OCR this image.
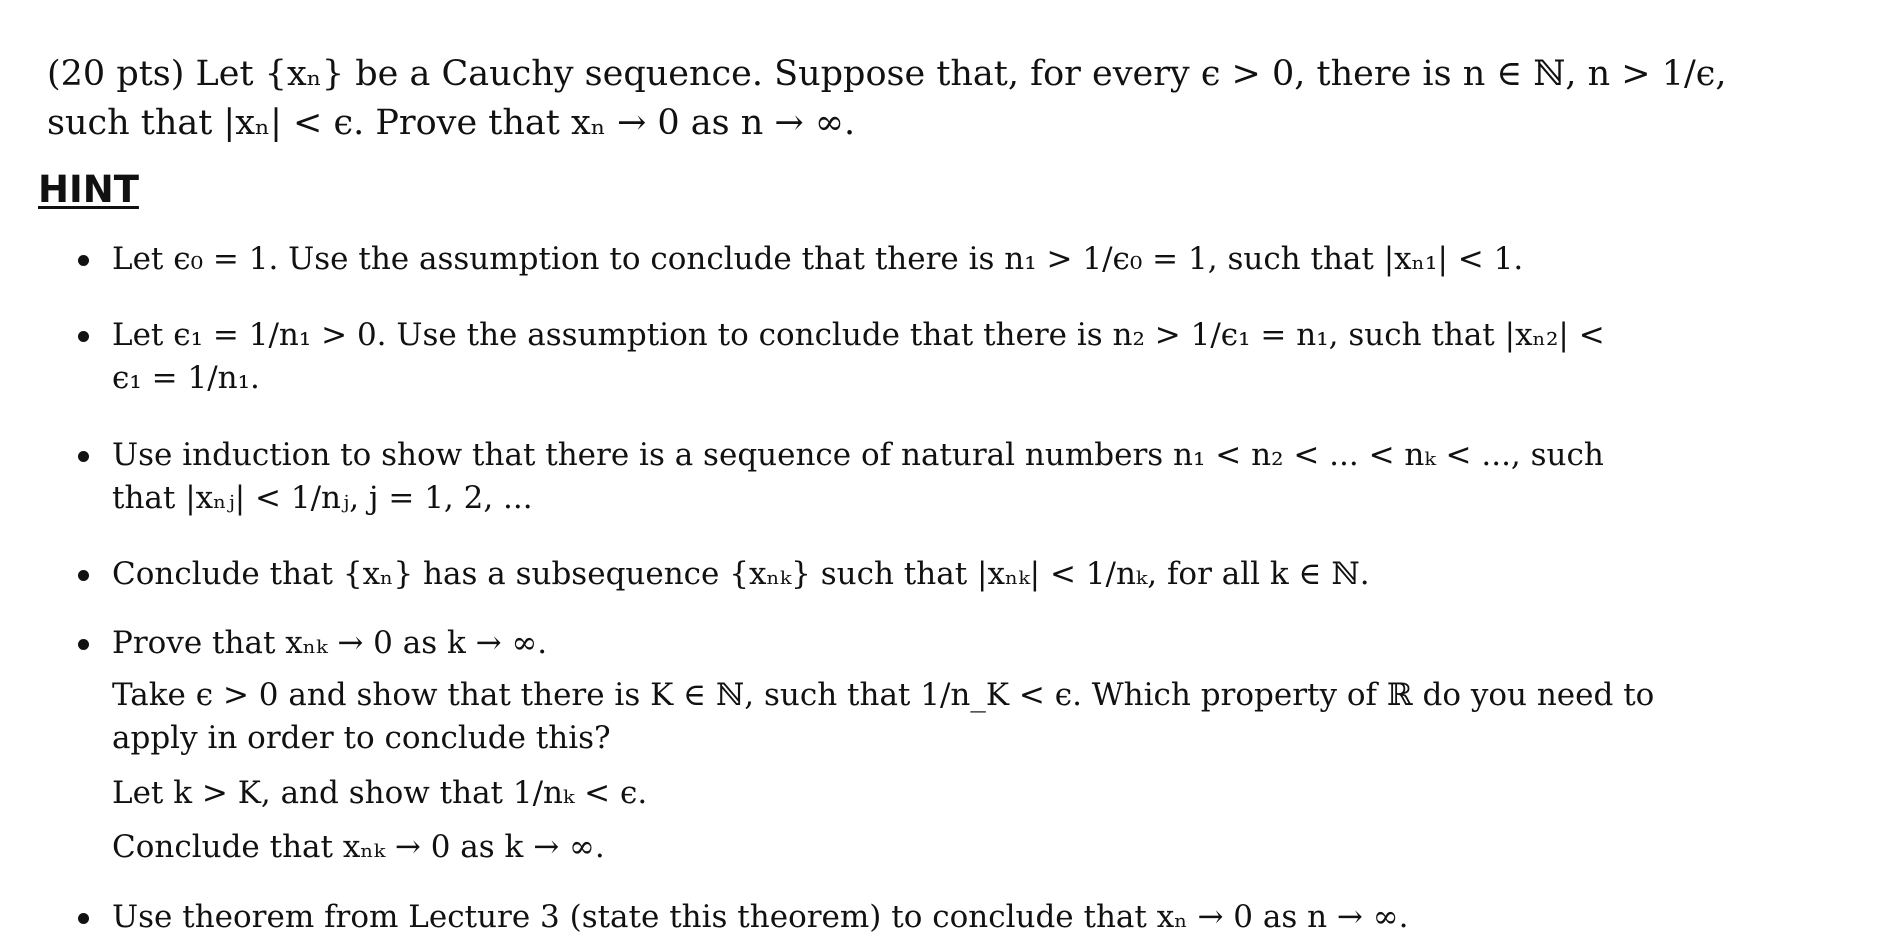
(20 pts) Let {xₙ} be a Cauchy sequence. Suppose that, for every ϵ > 0, there is n ∈ ℕ, n > 1/ϵ, such that |xₙ| < ϵ. Prove that xₙ → 0 as n → ∞.
HINT
Let ϵ₀ = 1. Use the assumption to conclude that there is n₁ > 1/ϵ₀ = 1, such that |xₙ₁| < 1.
Let ϵ₁ = 1/n₁ > 0. Use the assumption to conclude that there is n₂ > 1/ϵ₁ = n₁, such that |xₙ₂| < ϵ₁ = 1/n₁.
Use induction to show that there is a sequence of natural numbers n₁ < n₂ < ... < nₖ < ..., such that |xₙⱼ| < 1/nⱼ, j = 1, 2, ...
Conclude that {xₙ} has a subsequence {xₙₖ} such that |xₙₖ| < 1/nₖ, for all k ∈ ℕ.
Prove that xₙₖ → 0 as k → ∞.
Use theorem from Lecture 3 (state this theorem) to conclude that xₙ → 0 as n → ∞.
Take ϵ > 0 and show that there is K ∈ ℕ, such that 1/n_K < ϵ. Which property of ℝ do you need to apply in order to conclude this?
Let k > K, and show that 1/nₖ < ϵ.
Conclude that xₙₖ → 0 as k → ∞.
